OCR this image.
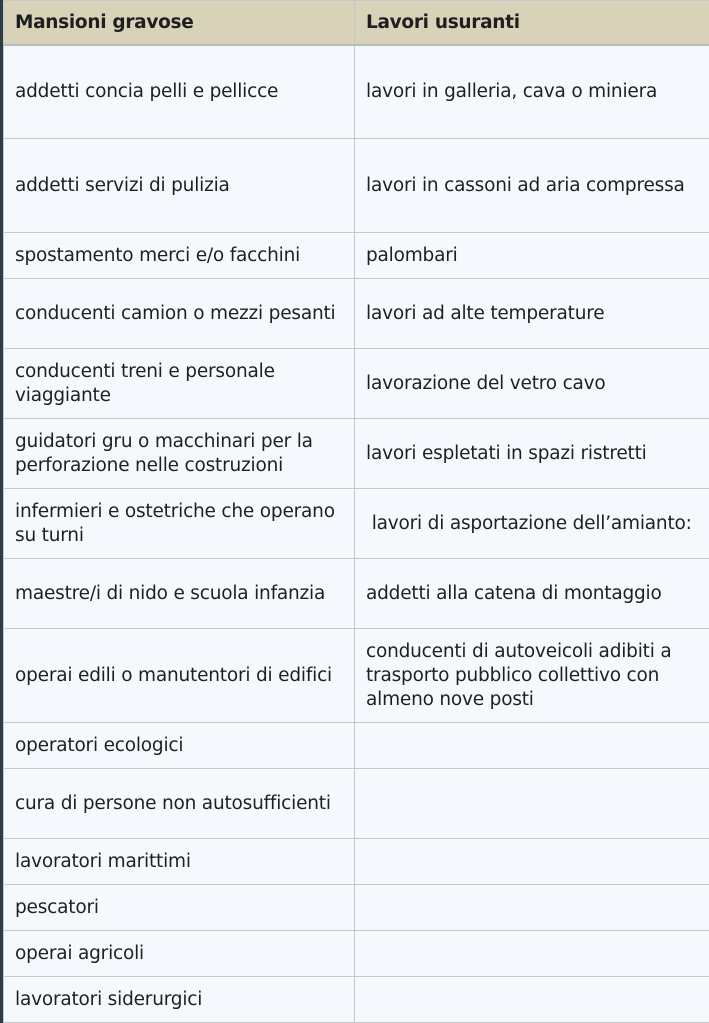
Mansioni gravose	Lavori usuranti
addetti concia pelli e pellicce	lavori in galleria, cava o miniera
addetti servizi di pulizia	lavori in cassoni ad aria compressa
spostamento merci e/o facchini	palombari
conducenti camion o mezzi pesanti	lavori ad alte temperature
conducenti treni e personale viaggiante	lavorazione del vetro cavo
guidatori gru o macchinari per la perforazione nelle costruzioni	lavori espletati in spazi ristretti
infermieri e ostetriche che operano su turni	lavori di asportazione dell’amianto:
maestre/i di nido e scuola infanzia	addetti alla catena di montaggio
operai edili o manutentori di edifici	conducenti di autoveicoli adibiti a trasporto pubblico collettivo con almeno nove posti
operatori ecologici	
cura di persone non autosufficienti	
lavoratori marittimi	
pescatori	
operai agricoli	
lavoratori siderurgici	
